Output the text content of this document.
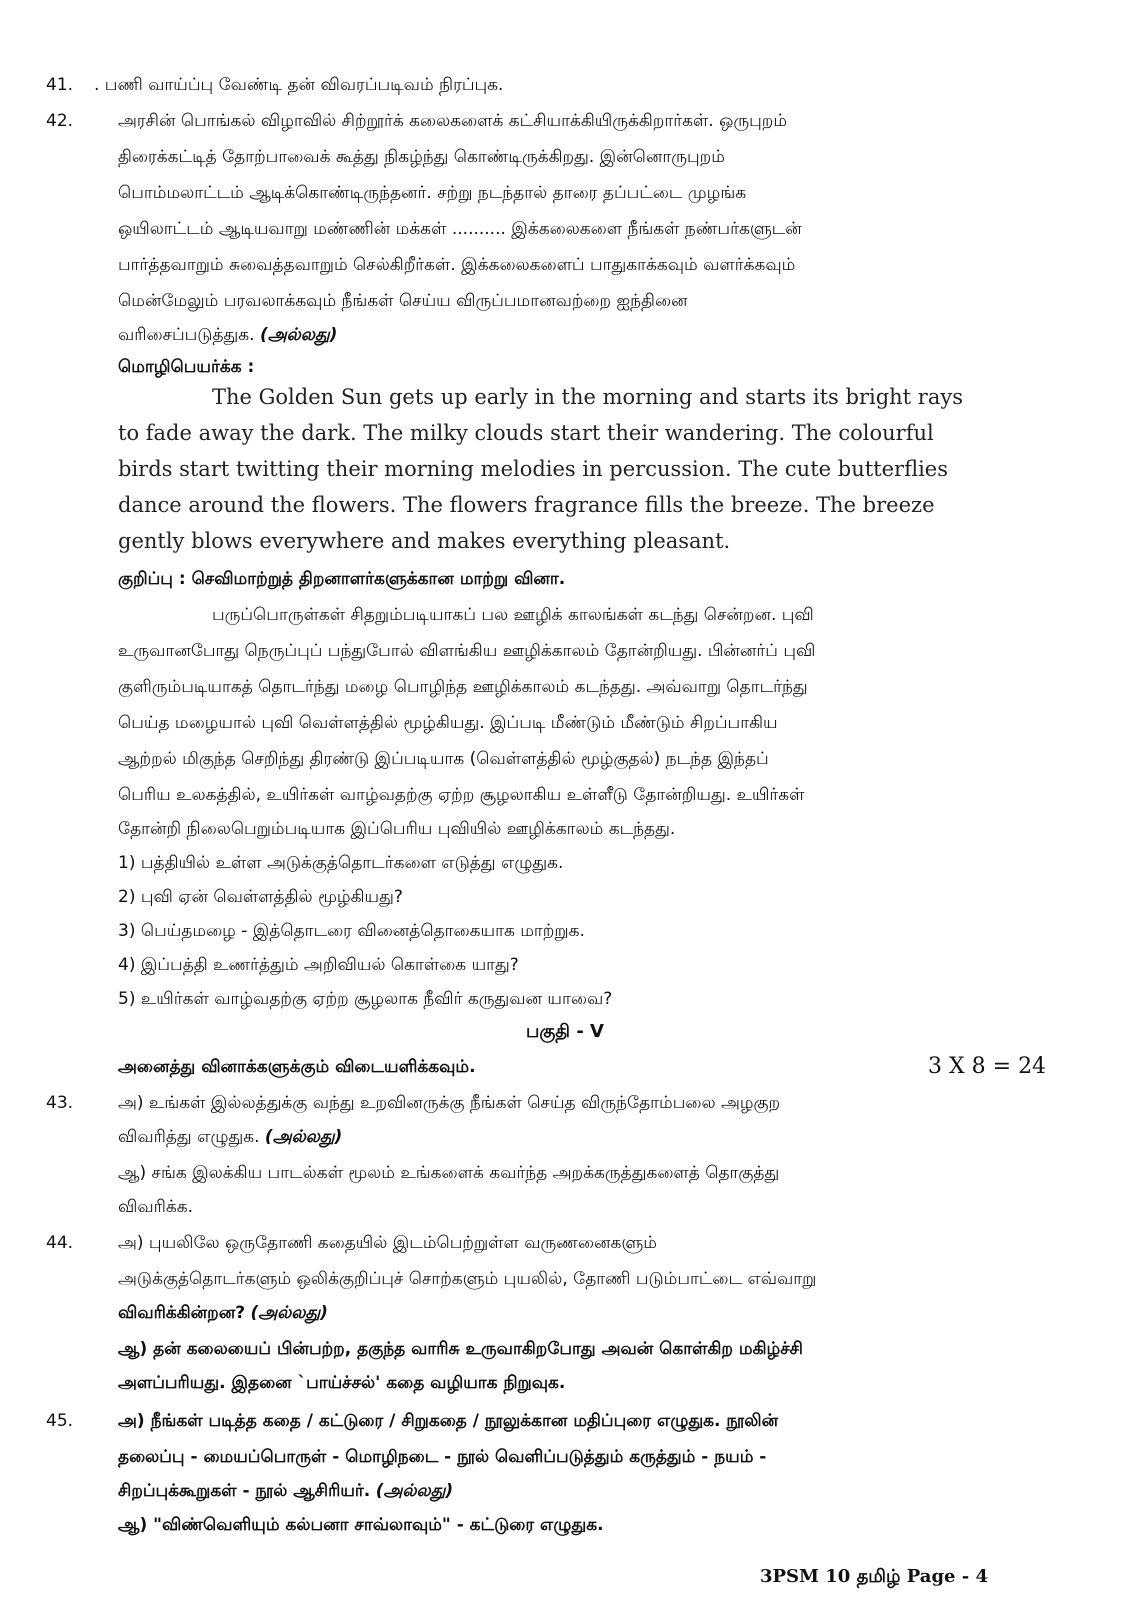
41. . பணி வாய்ப்பு வேண்டி தன் விவரப்படிவம் நிரப்புக.
42.	அரசின் பொங்கல் விழாவில் சிற்றூர்க் கலைகளைக் கட்சியாக்கியிருக்கிறார்கள். ஒருபுறம்
திரைக்கட்டித் தோற்பாவைக் கூத்து நிகழ்ந்து கொண்டிருக்கிறது. இன்னொருபுறம்
பொம்மலாட்டம் ஆடிக்கொண்டிருந்தனர். சற்று நடந்தால் தாரை தப்பட்டை முழங்க
ஒயிலாட்டம் ஆடியவாறு மண்ணின் மக்கள் .......... இக்கலைகளை நீங்கள் நண்பர்களுடன்
பார்த்தவாறும் சுவைத்தவாறும் செல்கிறீர்கள். இக்கலைகளைப் பாதுகாக்கவும் வளர்க்கவும்
மென்மேலும் பரவலாக்கவும் நீங்கள் செய்ய விருப்பமானவற்றை ஐந்தினை
வரிசைப்படுத்துக. (அல்லது)
மொழிபெயர்க்க :
The Golden Sun gets up early in the morning and starts its bright rays
to fade away the dark. The milky clouds start their wandering. The colourful
birds start twitting their morning melodies in percussion. The cute butterflies
dance around the flowers. The flowers fragrance fills the breeze. The breeze
gently blows everywhere and makes everything pleasant.
குறிப்பு : செவிமாற்றுத் திறனாளர்களுக்கான மாற்று வினா.
பருப்பொருள்கள் சிதறும்படியாகப் பல ஊழிக் காலங்கள் கடந்து சென்றன. புவி
உருவானபோது நெருப்புப் பந்துபோல் விளங்கிய ஊழிக்காலம் தோன்றியது. பின்னர்ப் புவி
குளிரும்படியாகத் தொடர்ந்து மழை பொழிந்த ஊழிக்காலம் கடந்தது. அவ்வாறு தொடர்ந்து
பெய்த மழையால் புவி வெள்ளத்தில் மூழ்கியது. இப்படி மீண்டும் மீண்டும் சிறப்பாகிய
ஆற்றல் மிகுந்த செறிந்து திரண்டு இப்படியாக (வெள்ளத்தில் மூழ்குதல்) நடந்த இந்தப்
பெரிய உலகத்தில், உயிர்கள் வாழ்வதற்கு ஏற்ற சூழலாகிய உள்ளீடு தோன்றியது. உயிர்கள்
தோன்றி நிலைபெறும்படியாக இப்பெரிய புவியில் ஊழிக்காலம் கடந்தது.
1) பத்தியில் உள்ள அடுக்குத்தொடர்களை எடுத்து எழுதுக.
2) புவி ஏன் வெள்ளத்தில் மூழ்கியது?
3) பெய்தமழை - இத்தொடரை வினைத்தொகையாக மாற்றுக.
4) இப்பத்தி உணர்த்தும் அறிவியல் கொள்கை யாது?
5) உயிர்கள் வாழ்வதற்கு ஏற்ற சூழலாக நீவிர் கருதுவன யாவை?
பகுதி - V
அனைத்து வினாக்களுக்கும் விடையளிக்கவும்.	3 X 8 = 24
43.	அ) உங்கள் இல்லத்துக்கு வந்து உறவினருக்கு நீங்கள் செய்த விருந்தோம்பலை அழகுற
விவரித்து எழுதுக. (அல்லது)
ஆ) சங்க இலக்கிய பாடல்கள் மூலம் உங்களைக் கவர்ந்த அறக்கருத்துகளைத் தொகுத்து
விவரிக்க.
44.	அ) புயலிலே ஒருதோணி கதையில் இடம்பெற்றுள்ள வருணனைகளும்
அடுக்குத்தொடர்களும் ஒலிக்குறிப்புச் சொற்களும் புயலில், தோணி படும்பாட்டை எவ்வாறு
விவரிக்கின்றன? (அல்லது)
ஆ) தன் கலையைப் பின்பற்ற, தகுந்த வாரிசு உருவாகிறபோது அவன் கொள்கிற மகிழ்ச்சி
அளப்பரியது. இதனை `பாய்ச்சல்' கதை வழியாக நிறுவுக.
45.	அ) நீங்கள் படித்த கதை / கட்டுரை / சிறுகதை / நூலுக்கான மதிப்புரை எழுதுக. நூலின்
தலைப்பு - மையப்பொருள் - மொழிநடை - நூல் வெளிப்படுத்தும் கருத்தும் - நயம் -
சிறப்புக்கூறுகள் - நூல் ஆசிரியர். (அல்லது)
ஆ) "விண்வெளியும் கல்பனா சாவ்லாவும்" - கட்டுரை எழுதுக.
3PSM 10 தமிழ் Page - 4
